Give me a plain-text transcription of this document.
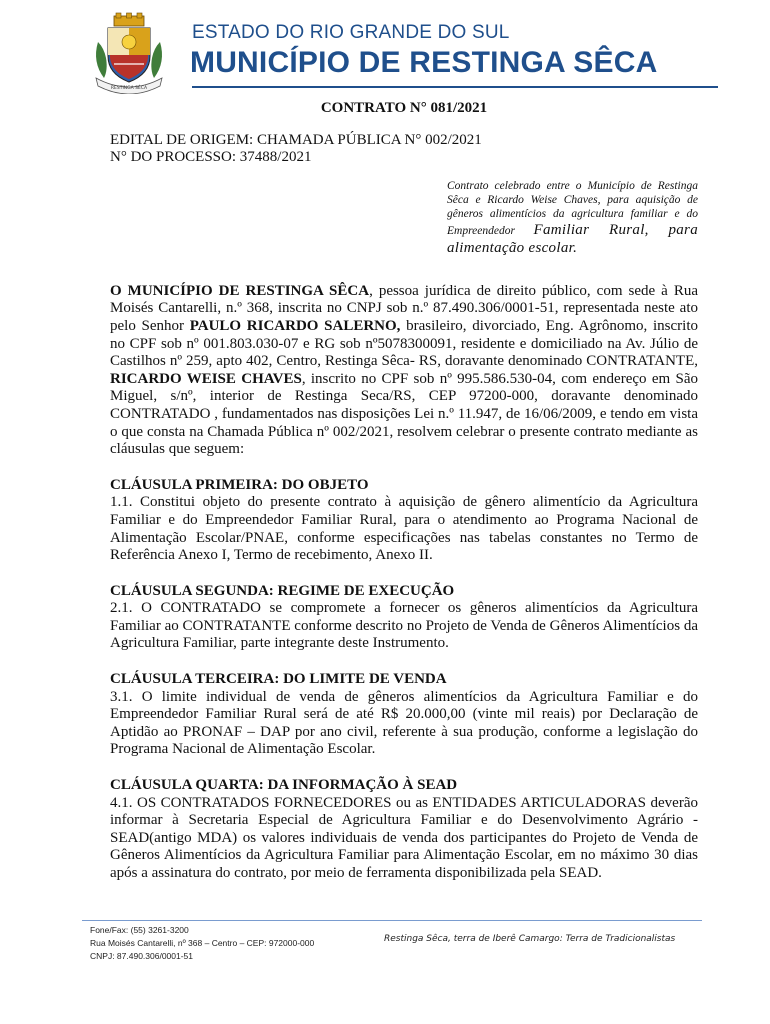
RESTINGA SÊCA
ESTADO DO RIO GRANDE DO SUL
MUNICÍPIO DE RESTINGA SÊCA
CONTRATO N° 081/2021
EDITAL DE ORIGEM: CHAMADA PÚBLICA N° 002/2021
N° DO PROCESSO: 37488/2021
Contrato celebrado entre o Município de Restinga Sêca e Ricardo Weise Chaves, para aquisição de gêneros alimentícios da agricultura familiar e do Empreendedor Familiar Rural, para alimentação escolar.

O MUNICÍPIO DE RESTINGA SÊCA, pessoa jurídica de direito público, com sede à Rua Moisés Cantarelli, n.º 368, inscrita no CNPJ sob n.º 87.490.306/0001-51, representada neste ato pelo Senhor PAULO RICARDO SALERNO, brasileiro, divorciado, Eng. Agrônomo, inscrito no CPF sob nº 001.803.030-07 e RG sob nº5078300091, residente e domiciliado na Av. Júlio de Castilhos nº 259, apto 402, Centro, Restinga Sêca- RS, doravante denominado CONTRATANTE, RICARDO WEISE CHAVES, inscrito no CPF sob nº 995.586.530-04, com endereço em São Miguel, s/nº, interior de Restinga Seca/RS, CEP 97200-000, doravante denominado CONTRATADO , fundamentados nas disposições Lei n.º 11.947, de 16/06/2009, e tendo em vista o que consta na Chamada Pública nº 002/2021, resolvem celebrar o presente contrato mediante as cláusulas que seguem:

CLÁUSULA PRIMEIRA: DO OBJETO

1.1. Constitui objeto do presente contrato à aquisição de gênero alimentício da Agricultura Familiar e do Empreendedor Familiar Rural, para o atendimento ao Programa Nacional de Alimentação Escolar/PNAE, conforme especificações nas tabelas constantes no Termo de Referência Anexo I, Termo de recebimento, Anexo II.

CLÁUSULA SEGUNDA: REGIME DE EXECUÇÃO

2.1. O CONTRATADO se compromete a fornecer os gêneros alimentícios da Agricultura Familiar ao CONTRATANTE conforme descrito no Projeto de Venda de Gêneros Alimentícios da Agricultura Familiar, parte integrante deste Instrumento.

CLÁUSULA TERCEIRA: DO LIMITE DE VENDA

3.1. O limite individual de venda de gêneros alimentícios da Agricultura Familiar e do Empreendedor Familiar Rural será de até R$ 20.000,00 (vinte mil reais) por Declaração de Aptidão ao PRONAF – DAP por ano civil, referente à sua produção, conforme a legislação do Programa Nacional de Alimentação Escolar.

CLÁUSULA QUARTA: DA INFORMAÇÃO À SEAD

4.1. OS CONTRATADOS FORNECEDORES ou as ENTIDADES ARTICULADORAS deverão informar à Secretaria Especial de Agricultura Familiar e do Desenvolvimento Agrário - SEAD(antigo MDA) os valores individuais de venda dos participantes do Projeto de Venda de Gêneros Alimentícios da Agricultura Familiar para Alimentação Escolar, em no máximo 30 dias após a assinatura do contrato, por meio de ferramenta disponibilizada pela SEAD.

Fone/Fax: (55) 3261-3200
Rua Moisés Cantarelli, nº 368 – Centro – CEP: 972000-000
CNPJ: 87.490.306/0001-51
Restinga Sêca, terra de Iberê Camargo: Terra de Tradicionalistas
